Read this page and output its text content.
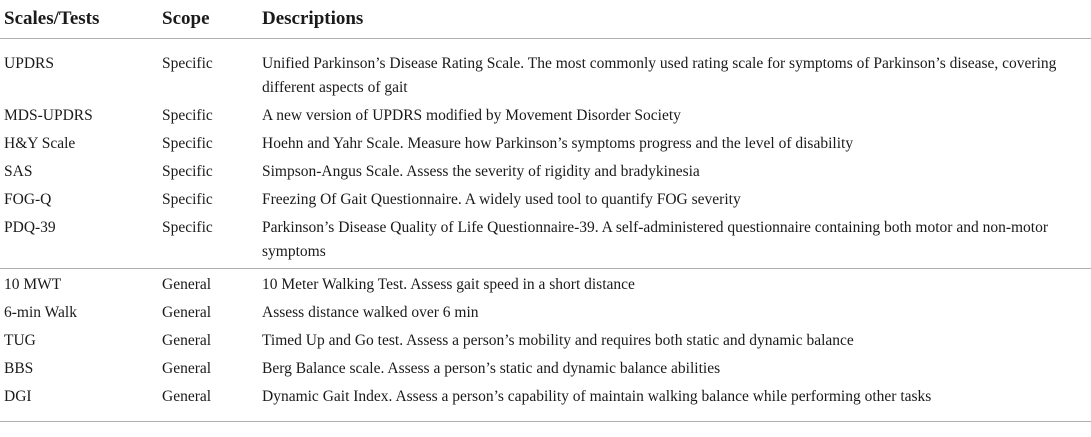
Scales/Tests	Scope	Descriptions
UPDRS	Specific	Unified Parkinson’s Disease Rating Scale. The most commonly used rating scale for symptoms of Parkinson’s disease, covering different aspects of gait
MDS-UPDRS	Specific	A new version of UPDRS modified by Movement Disorder Society
H&Y Scale	Specific	Hoehn and Yahr Scale. Measure how Parkinson’s symptoms progress and the level of disability
SAS	Specific	Simpson-Angus Scale. Assess the severity of rigidity and bradykinesia
FOG-Q	Specific	Freezing Of Gait Questionnaire. A widely used tool to quantify FOG severity
PDQ-39	Specific	Parkinson’s Disease Quality of Life Questionnaire-39. A self-administered questionnaire containing both motor and non-motor symptoms
10 MWT	General	10 Meter Walking Test. Assess gait speed in a short distance
6-min Walk	General	Assess distance walked over 6 min
TUG	General	Timed Up and Go test. Assess a person’s mobility and requires both static and dynamic balance
BBS	General	Berg Balance scale. Assess a person’s static and dynamic balance abilities
DGI	General	Dynamic Gait Index. Assess a person’s capability of maintain walking balance while performing other tasks
